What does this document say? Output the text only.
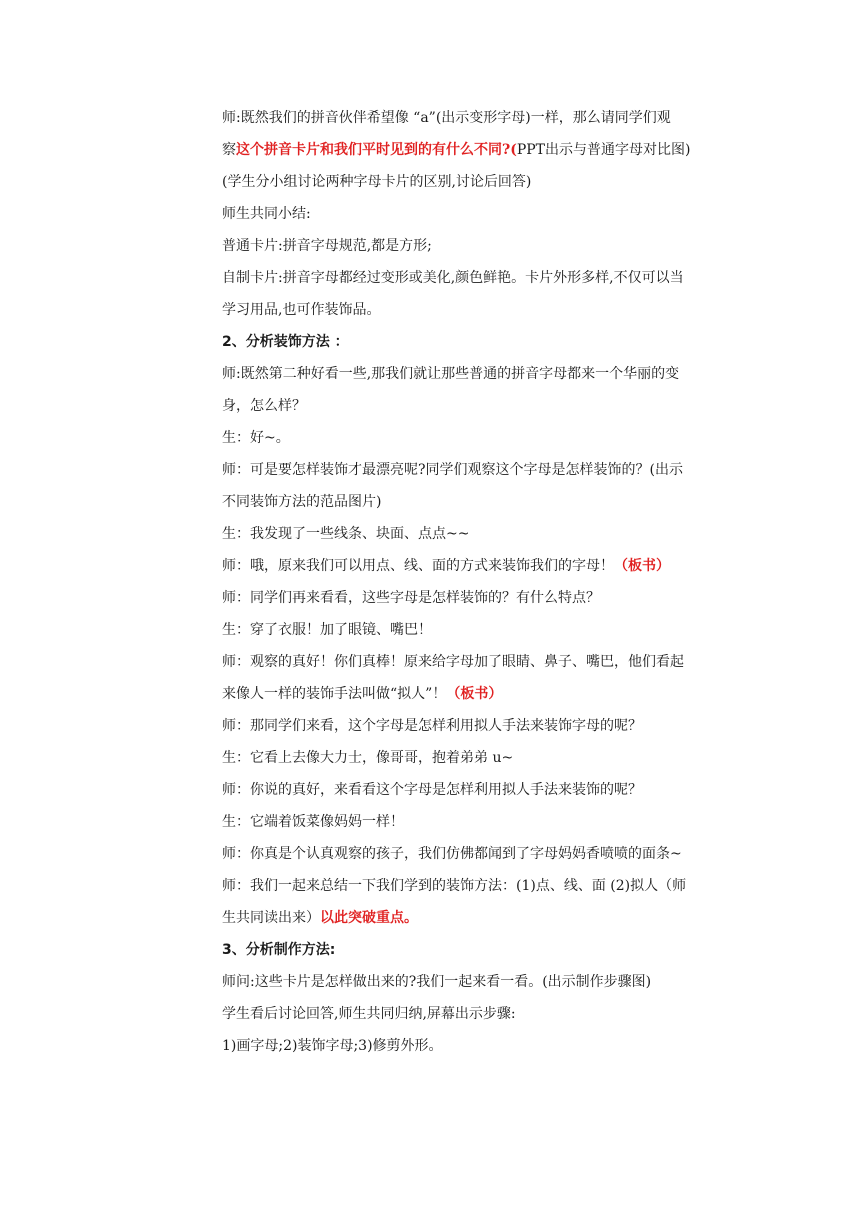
师:既然我们的拼音伙伴希望像 “a”(出示变形字母)一样，那么请同学们观
察这个拼音卡片和我们平时见到的有什么不同?(PPT出示与普通字母对比图)
(学生分小组讨论两种字母卡片的区别,讨论后回答)
师生共同小结:
普通卡片:拼音字母规范,都是方形;
自制卡片:拼音字母都经过变形或美化,颜色鲜艳。卡片外形多样,不仅可以当
学习用品,也可作装饰品。
2、分析装饰方法 ：
师:既然第二种好看一些,那我们就让那些普通的拼音字母都来一个华丽的变
身，怎么样？
生：好~。
师：可是要怎样装饰才最漂亮呢?同学们观察这个字母是怎样装饰的？(出示
不同装饰方法的范品图片)
生：我发现了一些线条、块面、点点~~
师：哦，原来我们可以用点、线、面的方式来装饰我们的字母！（板书）
师：同学们再来看看，这些字母是怎样装饰的？有什么特点？
生：穿了衣服！加了眼镜、嘴巴！
师：观察的真好！你们真棒！原来给字母加了眼睛、鼻子、嘴巴，他们看起
来像人一样的装饰手法叫做“拟人”！（板书）
师：那同学们来看，这个字母是怎样利用拟人手法来装饰字母的呢？
生：它看上去像大力士，像哥哥，抱着弟弟 u~
师：你说的真好，来看看这个字母是怎样利用拟人手法来装饰的呢？
生：它端着饭菜像妈妈一样！
师：你真是个认真观察的孩子，我们仿佛都闻到了字母妈妈香喷喷的面条~
师：我们一起来总结一下我们学到的装饰方法：(1)点、线、面 (2)拟人（师
生共同读出来）以此突破重点。
3、分析制作方法:
师问:这些卡片是怎样做出来的?我们一起来看一看。(出示制作步骤图)
学生看后讨论回答,师生共同归纳,屏幕出示步骤:
1)画字母;2)装饰字母;3)修剪外形。
